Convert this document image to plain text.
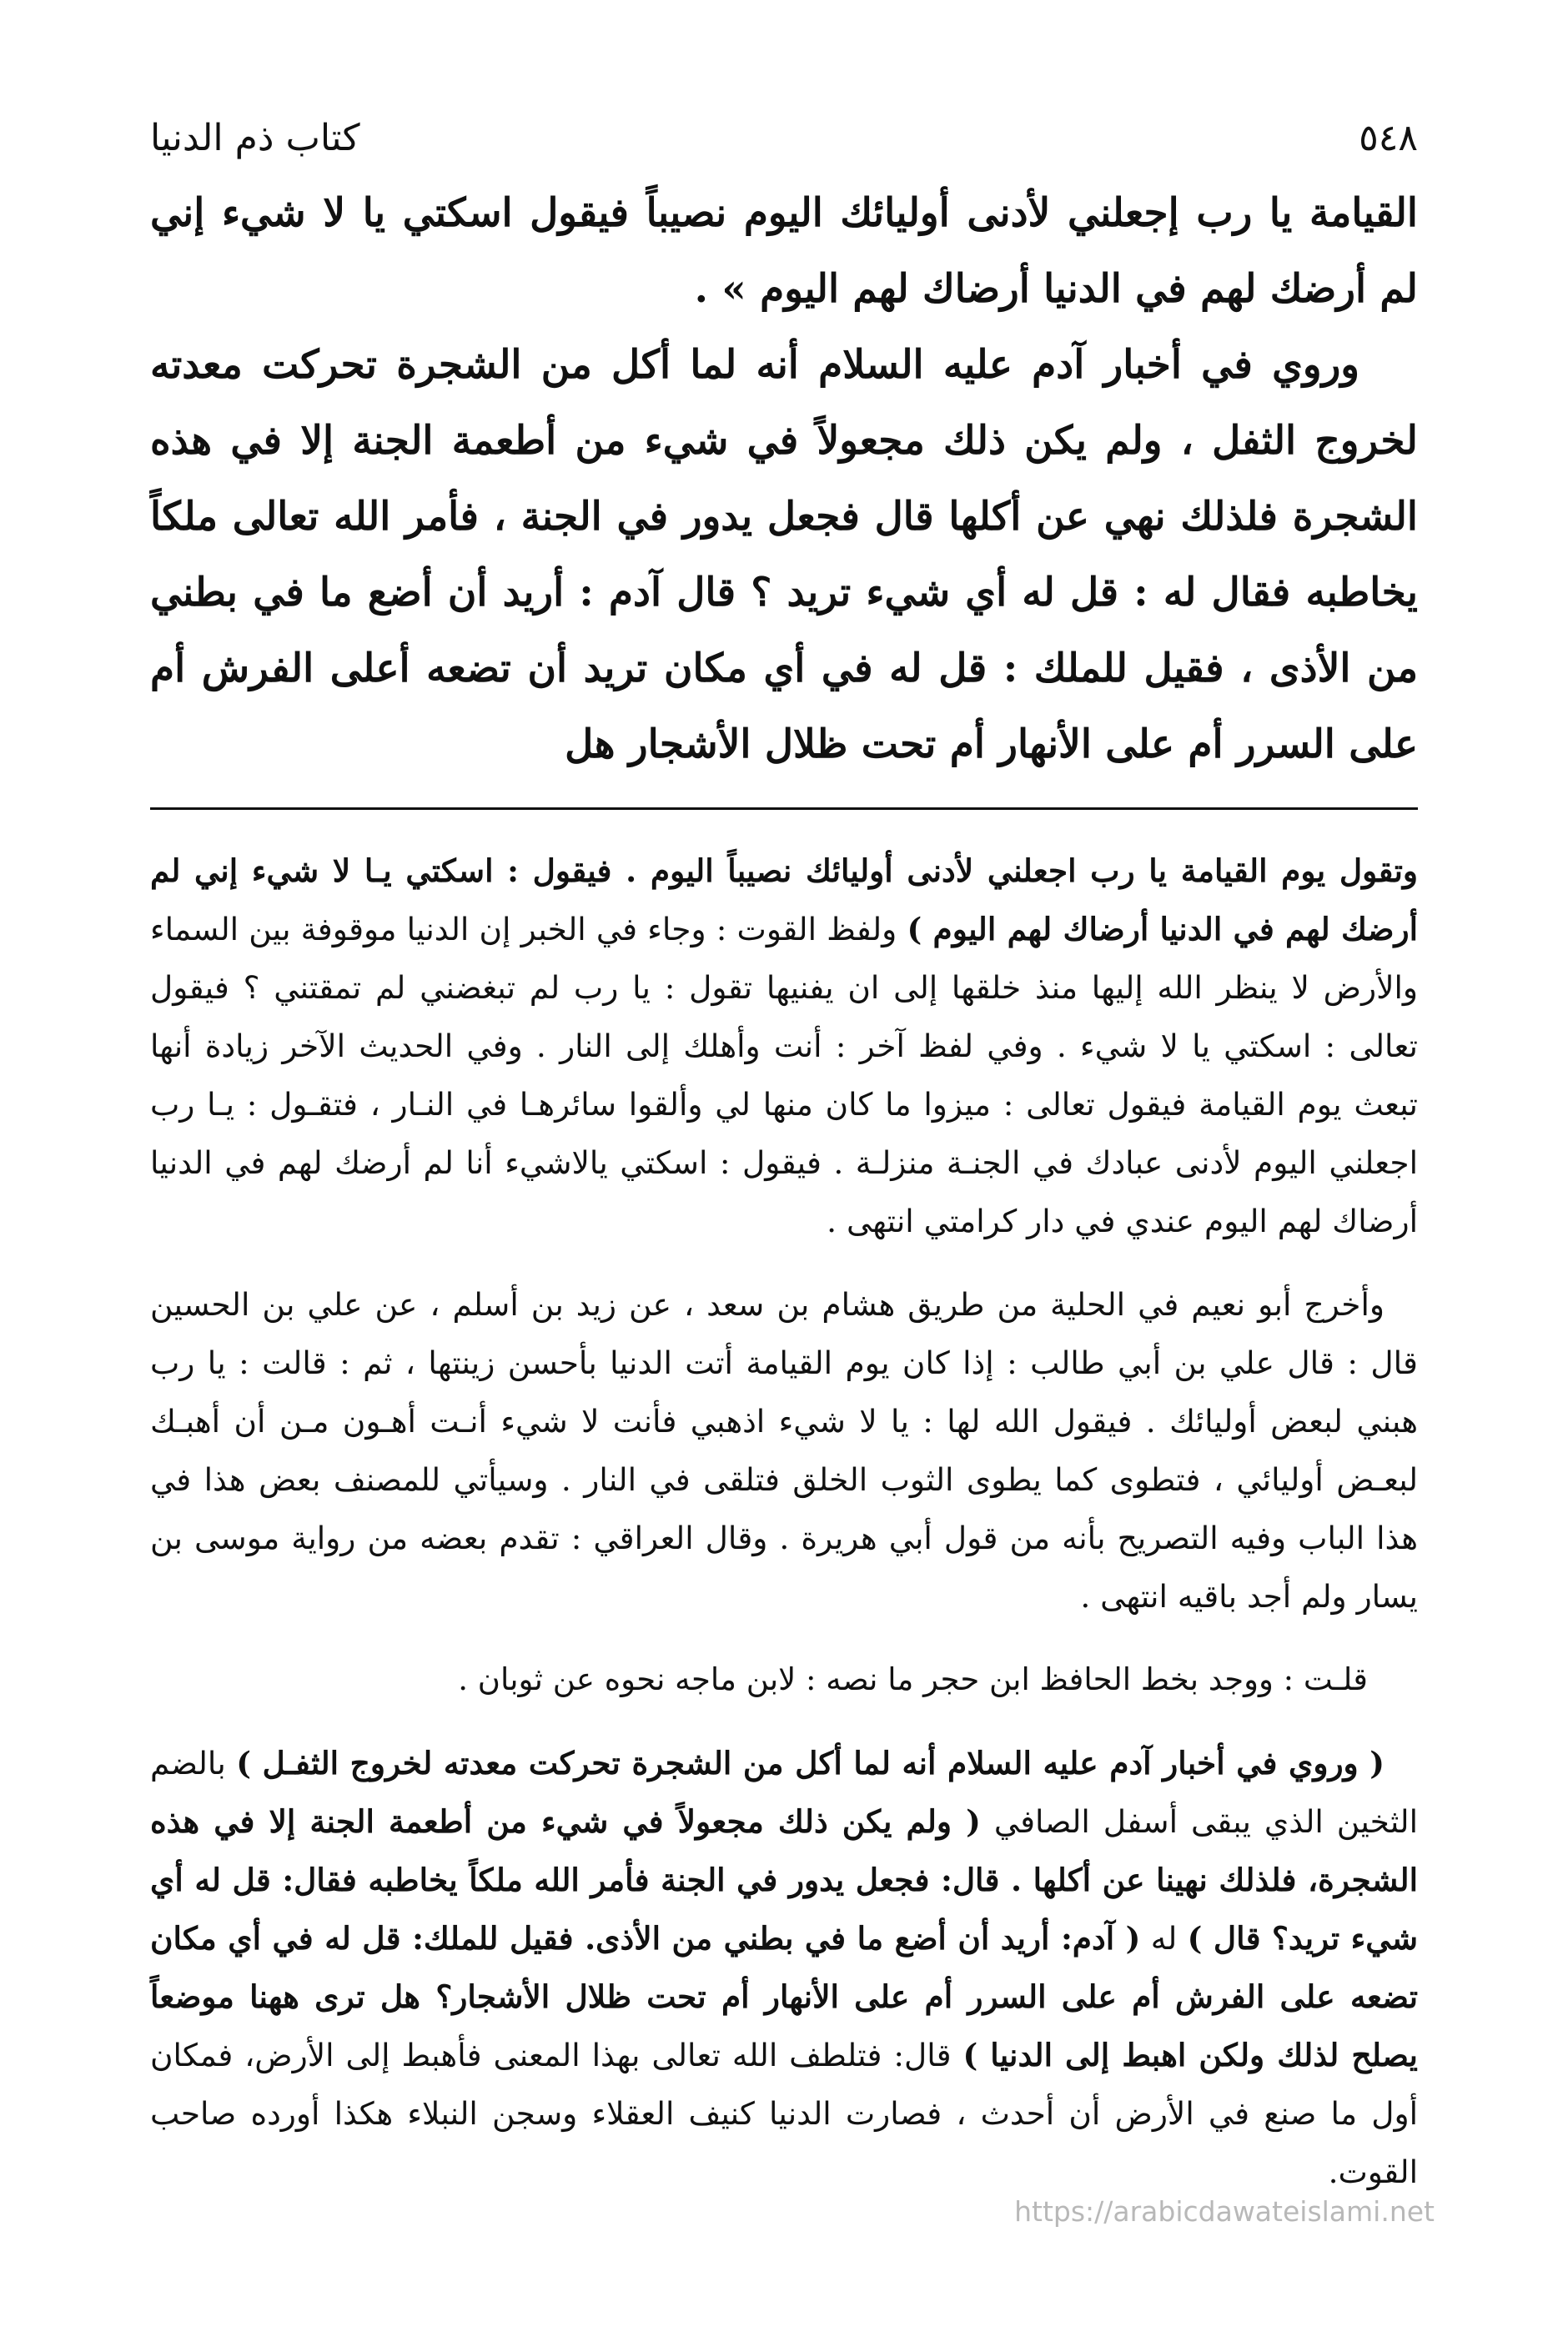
٥٤٨
كتاب ذم الدنيا

القيامة يا رب إجعلني لأدنى أوليائك اليوم نصيباً فيقول اسكتي يا لا شيء إني لم أرضك لهم في الدنيا أرضاك لهم اليوم » .

وروي في أخبار آدم عليه السلام أنه لما أكل من الشجرة تحركت معدته لخروج الثفل ، ولم يكن ذلك مجعولاً في شيء من أطعمة الجنة إلا في هذه الشجرة فلذلك نهي عن أكلها قال فجعل يدور في الجنة ، فأمر الله تعالى ملكاً يخاطبه فقال له : قل له أي شيء تريد ؟ قال آدم : أريد أن أضع ما في بطني من الأذى ، فقيل للملك : قل له في أي مكان تريد أن تضعه أعلى الفرش أم على السرر أم على الأنهار أم تحت ظلال الأشجار هل

وتقول يوم القيامة يا رب اجعلني لأدنى أوليائك نصيباً اليوم . فيقول : اسكتي يـا لا شيء إني لم أرضك لهم في الدنيا أرضاك لهم اليوم ) ولفظ القوت : وجاء في الخبر إن الدنيا موقوفة بين السماء والأرض لا ينظر الله إليها منذ خلقها إلى ان يفنيها تقول : يا رب لم تبغضني لم تمقتني ؟ فيقول تعالى : اسكتي يا لا شيء . وفي لفظ آخر : أنت وأهلك إلى النار . وفي الحديث الآخر زيادة أنها تبعث يوم القيامة فيقول تعالى : ميزوا ما كان منها لي وألقوا سائرهـا في النـار ، فتقـول : يـا رب اجعلني اليوم لأدنى عبادك في الجنـة منزلـة . فيقول : اسكتي يالاشيء أنا لم أرضك لهم في الدنيا أرضاك لهم اليوم عندي في دار كرامتي انتهى .

وأخرج أبو نعيم في الحلية من طريق هشام بن سعد ، عن زيد بن أسلم ، عن علي بن الحسين قال : قال علي بن أبي طالب : إذا كان يوم القيامة أتت الدنيا بأحسن زينتها ، ثم : قالت : يا رب هبني لبعض أوليائك . فيقول الله لها : يا لا شيء اذهبي فأنت لا شيء أنـت أهـون مـن أن أهبـك لبعـض أوليائي ، فتطوى كما يطوى الثوب الخلق فتلقى في النار . وسيأتي للمصنف بعض هذا في هذا الباب وفيه التصريح بأنه من قول أبي هريرة . وقال العراقي : تقدم بعضه من رواية موسى بن يسار ولم أجد باقيه انتهى .

قلـت : ووجد بخط الحافظ ابن حجر ما نصه : لابن ماجه نحوه عن ثوبان .

( وروي في أخبار آدم عليه السلام أنه لما أكل من الشجرة تحركت معدته لخروج الثفـل ) بالضم الثخين الذي يبقى أسفل الصافي ( ولم يكن ذلك مجعولاً في شيء من أطعمة الجنة إلا في هذه الشجرة، فلذلك نهينا عن أكلها . قال: فجعل يدور في الجنة فأمر الله ملكاً يخاطبه فقال: قل له أي شيء تريد؟ قال ) له ( آدم: أريد أن أضع ما في بطني من الأذى. فقيل للملك: قل له في أي مكان تضعه على الفرش أم على السرر أم على الأنهار أم تحت ظلال الأشجار؟ هل ترى ههنا موضعاً يصلح لذلك ولكن اهبط إلى الدنيا ) قال: فتلطف الله تعالى بهذا المعنى فأهبط إلى الأرض، فمكان أول ما صنع في الأرض أن أحدث ، فصارت الدنيا كنيف العقلاء وسجن النبلاء هكذا أورده صاحب القوت.

https://arabicdawateislami.net
